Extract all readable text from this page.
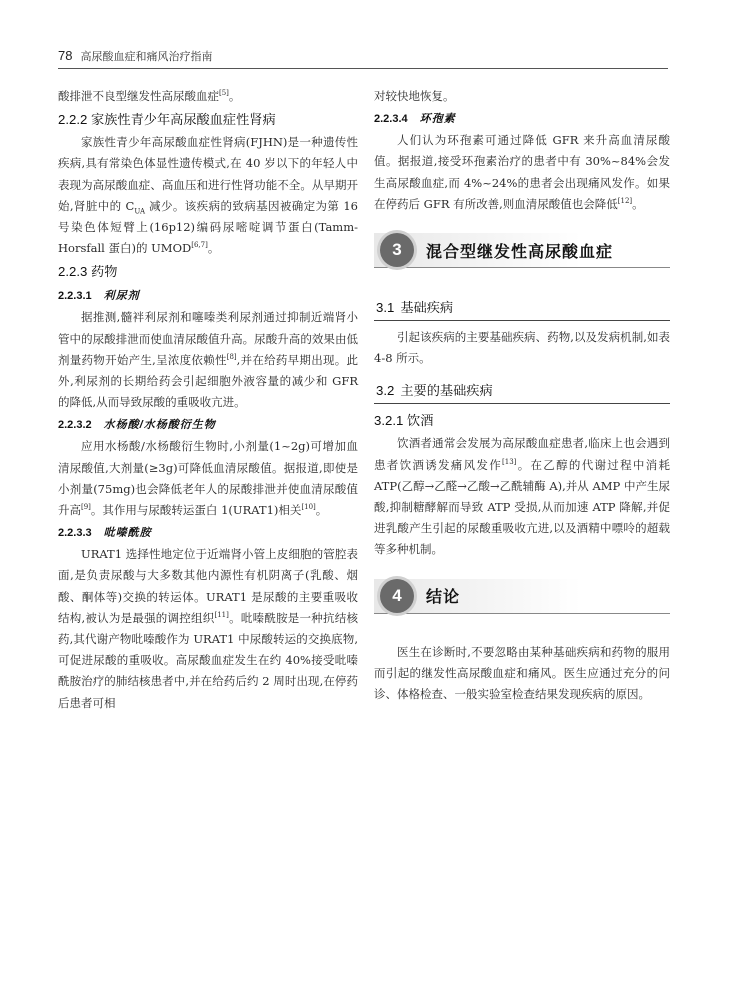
78 高尿酸血症和痛风治疗指南

酸排泄不良型继发性高尿酸血症[5]。

2.2.2 家族性青少年高尿酸血症性肾病

家族性青少年高尿酸血症性肾病(FJHN)是一种遗传性疾病,具有常染色体显性遗传模式,在 40 岁以下的年轻人中表现为高尿酸血症、高血压和进行性肾功能不全。从早期开始,肾脏中的 $C_{UA}$ 减少。该疾病的致病基因被确定为第 16 号染色体短臂上(16p12)编码尿嘧啶调节蛋白(Tamm-Horsfall 蛋白)的 UMOD[6,7]。

2.2.3 药物
2.2.3.1 利尿剂

据推测,髓袢利尿剂和噻嗪类利尿剂通过抑制近端肾小管中的尿酸排泄而使血清尿酸值升高。尿酸升高的效果由低剂量药物开始产生,呈浓度依赖性[8],并在给药早期出现。此外,利尿剂的长期给药会引起细胞外液容量的减少和 GFR 的降低,从而导致尿酸的重吸收亢进。

2.2.3.2 水杨酸/水杨酸衍生物

应用水杨酸/水杨酸衍生物时,小剂量(1~2g)可增加血清尿酸值,大剂量(≥3g)可降低血清尿酸值。据报道,即使是小剂量(75mg)也会降低老年人的尿酸排泄并使血清尿酸值升高[9]。其作用与尿酸转运蛋白 1(URAT1)相关[10]。

2.2.3.3 吡嗪酰胺

URAT1 选择性地定位于近端肾小管上皮细胞的管腔表面,是负责尿酸与大多数其他内源性有机阴离子(乳酸、烟酸、酮体等)交换的转运体。URAT1 是尿酸的主要重吸收结构,被认为是最强的调控组织[11]。吡嗪酰胺是一种抗结核药,其代谢产物吡嗪酸作为 URAT1 中尿酸转运的交换底物,可促进尿酸的重吸收。高尿酸血症发生在约 40%接受吡嗪酰胺治疗的肺结核患者中,并在给药后约 2 周时出现,在停药后患者可相

对较快地恢复。

2.2.3.4 环孢素

人们认为环孢素可通过降低 GFR 来升高血清尿酸值。据报道,接受环孢素治疗的患者中有 30%~84%会发生高尿酸血症,而 4%~24%的患者会出现痛风发作。如果在停药后 GFR 有所改善,则血清尿酸值也会降低[12]。

3	混合型继发性高尿酸血症
3.1 基础疾病

引起该疾病的主要基础疾病、药物,以及发病机制,如表 4-8 所示。

3.2 主要的基础疾病
3.2.1 饮酒

饮酒者通常会发展为高尿酸血症患者,临床上也会遇到患者饮酒诱发痛风发作[13]。在乙醇的代谢过程中消耗 ATP(乙醇→乙醛→乙酸→乙酰辅酶 A),并从 AMP 中产生尿酸,抑制糖酵解而导致 ATP 受损,从而加速 ATP 降解,并促进乳酸产生引起的尿酸重吸收亢进,以及酒精中嘌呤的超载等多种机制。

4	结论

医生在诊断时,不要忽略由某种基础疾病和药物的服用而引起的继发性高尿酸血症和痛风。医生应通过充分的问诊、体格检查、一般实验室检查结果发现疾病的原因。
